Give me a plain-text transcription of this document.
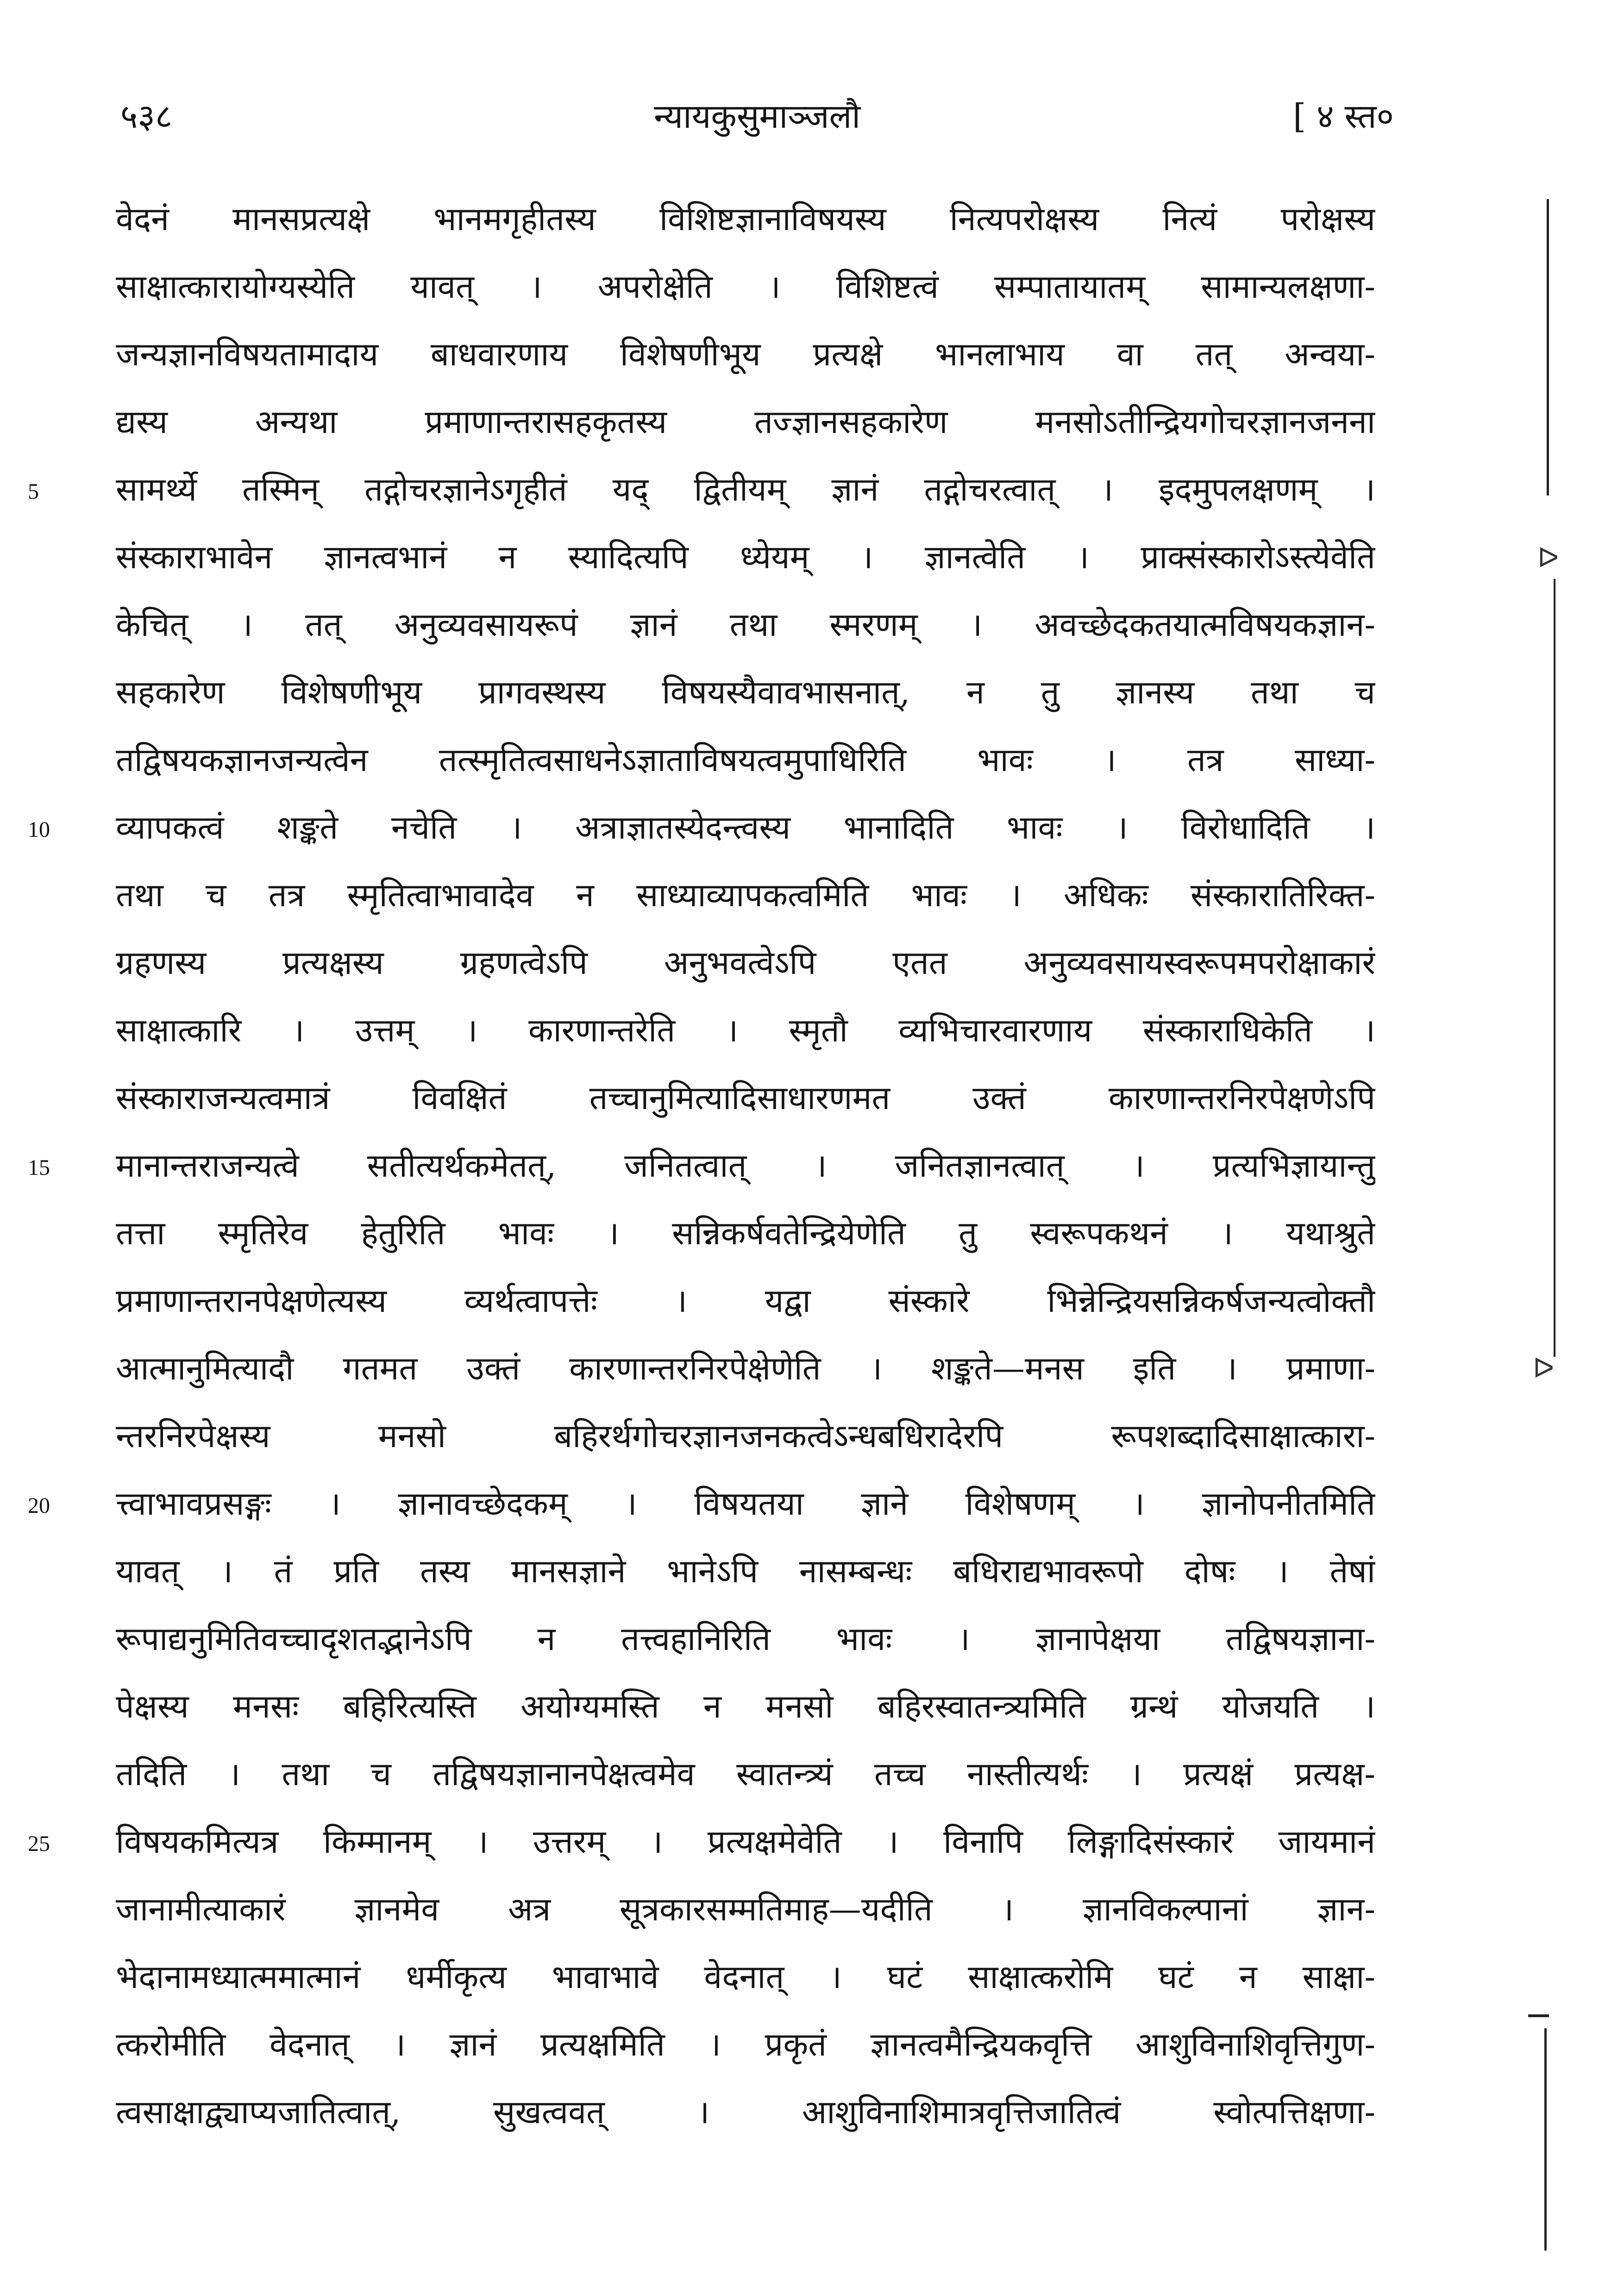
५३८	न्यायकुसुमाञ्जलौ	[ ४ स्त०
5
10
15
20
25
वेदनं मानसप्रत्यक्षे भानमगृहीतस्य विशिष्टज्ञानाविषयस्य नित्यपरोक्षस्य नित्यं परोक्षस्य
साक्षात्कारायोग्यस्येति यावत् । अपरोक्षेति । विशिष्टत्वं सम्पातायातम् सामान्यलक्षणा-
जन्यज्ञानविषयतामादाय बाधवारणाय विशेषणीभूय प्रत्यक्षे भानलाभाय वा तत् अन्वया-
द्यस्य अन्यथा प्रमाणान्तरासहकृतस्य तज्ज्ञानसहकारेण मनसोऽतीन्द्रियगोचरज्ञानजनना
सामर्थ्ये तस्मिन् तद्गोचरज्ञानेऽगृहीतं यद् द्वितीयम् ज्ञानं तद्गोचरत्वात् । इदमुपलक्षणम् ।
संस्काराभावेन ज्ञानत्वभानं न स्यादित्यपि ध्येयम् । ज्ञानत्वेति । प्राक्संस्कारोऽस्त्येवेति
केचित् । तत् अनुव्यवसायरूपं ज्ञानं तथा स्मरणम् । अवच्छेदकतयात्मविषयकज्ञान-
सहकारेण विशेषणीभूय प्रागवस्थस्य विषयस्यैवावभासनात्, न तु ज्ञानस्य तथा च
तद्विषयकज्ञानजन्यत्वेन तत्स्मृतित्वसाधनेऽज्ञाताविषयत्वमुपाधिरिति भावः । तत्र साध्या-
व्यापकत्वं शङ्कते नचेति । अत्राज्ञातस्येदन्त्वस्य भानादिति भावः । विरोधादिति ।
तथा च तत्र स्मृतित्वाभावादेव न साध्याव्यापकत्वमिति भावः । अधिकः संस्कारातिरिक्त-
ग्रहणस्य प्रत्यक्षस्य ग्रहणत्वेऽपि अनुभवत्वेऽपि एतत अनुव्यवसायस्वरूपमपरोक्षाकारं
साक्षात्कारि । उत्तम् । कारणान्तरेति । स्मृतौ व्यभिचारवारणाय संस्काराधिकेति ।
संस्काराजन्यत्वमात्रं विवक्षितं तच्चानुमित्यादिसाधारणमत उक्तं कारणान्तरनिरपेक्षणेऽपि
मानान्तराजन्यत्वे सतीत्यर्थकमेतत्, जनितत्वात् । जनितज्ञानत्वात् । प्रत्यभिज्ञायान्तु
तत्ता स्मृतिरेव हेतुरिति भावः । सन्निकर्षवतेन्द्रियेणेति तु स्वरूपकथनं । यथाश्रुते
प्रमाणान्तरानपेक्षणेत्यस्य व्यर्थत्वापत्तेः । यद्वा संस्कारे भिन्नेन्द्रियसन्निकर्षजन्यत्वोक्तौ
आत्मानुमित्यादौ गतमत उक्तं कारणान्तरनिरपेक्षेणेति । शङ्कते—मनस इति । प्रमाणा-
न्तरनिरपेक्षस्य मनसो बहिरर्थगोचरज्ञानजनकत्वेऽन्धबधिरादेरपि रूपशब्दादिसाक्षात्कारा-
त्त्वाभावप्रसङ्गः । ज्ञानावच्छेदकम् । विषयतया ज्ञाने विशेषणम् । ज्ञानोपनीतमिति
यावत् । तं प्रति तस्य मानसज्ञाने भानेऽपि नासम्बन्धः बधिराद्यभावरूपो दोषः । तेषां
रूपाद्यनुमितिवच्चादृशतद्भानेऽपि न तत्त्वहानिरिति भावः । ज्ञानापेक्षया तद्विषयज्ञाना-
पेक्षस्य मनसः बहिरित्यस्ति अयोग्यमस्ति न मनसो बहिरस्वातन्त्र्यमिति ग्रन्थं योजयति ।
तदिति । तथा च तद्विषयज्ञानानपेक्षत्वमेव स्वातन्त्र्यं तच्च नास्तीत्यर्थः । प्रत्यक्षं प्रत्यक्ष-
विषयकमित्यत्र किम्मानम् । उत्तरम् । प्रत्यक्षमेवेति । विनापि लिङ्गादिसंस्कारं जायमानं
जानामीत्याकारं ज्ञानमेव अत्र सूत्रकारसम्मतिमाह—यदीति । ज्ञानविकल्पानां ज्ञान-
भेदानामध्यात्ममात्मानं धर्मीकृत्य भावाभावे वेदनात् । घटं साक्षात्करोमि घटं न साक्षा-
त्करोमीति वेदनात् । ज्ञानं प्रत्यक्षमिति । प्रकृतं ज्ञानत्वमैन्द्रियकवृत्ति आशुविनाशिवृत्तिगुण-
त्वसाक्षाद्व्याप्यजातित्वात्, सुखत्ववत् । आशुविनाशिमात्रवृत्तिजातित्वं स्वोत्पत्तिक्षणा-
ᐅ
ᐅ
